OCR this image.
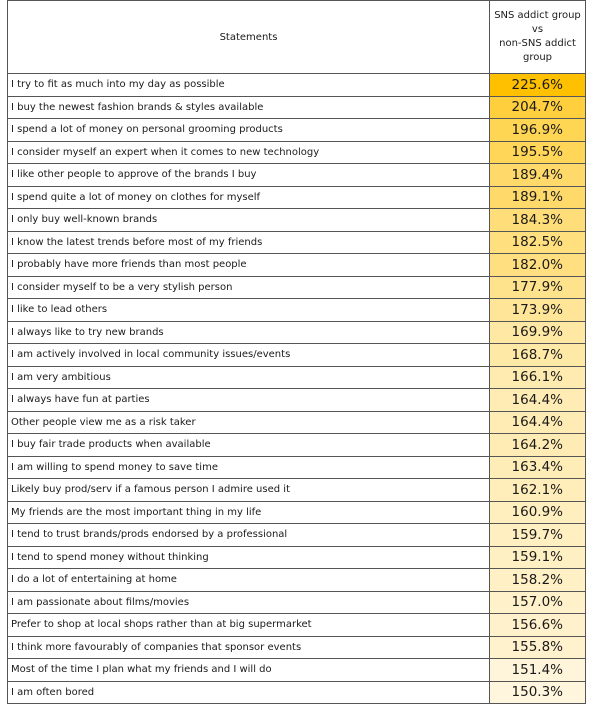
Statements	SNS addict group
vs
non-SNS addict
group

I try to fit as much into my day as possible	225.6%
I buy the newest fashion brands & styles available	204.7%
I spend a lot of money on personal grooming products	196.9%
I consider myself an expert when it comes to new technology	195.5%
I like other people to approve of the brands I buy	189.4%
I spend quite a lot of money on clothes for myself	189.1%
I only buy well-known brands	184.3%
I know the latest trends before most of my friends	182.5%
I probably have more friends than most people	182.0%
I consider myself to be a very stylish person	177.9%
I like to lead others	173.9%
I always like to try new brands	169.9%
I am actively involved in local community issues/events	168.7%
I am very ambitious	166.1%
I always have fun at parties	164.4%
Other people view me as a risk taker	164.4%
I buy fair trade products when available	164.2%
I am willing to spend money to save time	163.4%
Likely buy prod/serv if a famous person I admire used it	162.1%
My friends are the most important thing in my life	160.9%
I tend to trust brands/prods endorsed by a professional	159.7%
I tend to spend money without thinking	159.1%
I do a lot of entertaining at home	158.2%
I am passionate about films/movies	157.0%
Prefer to shop at local shops rather than at big supermarket	156.6%
I think more favourably of companies that sponsor events	155.8%
Most of the time I plan what my friends and I will do	151.4%
I am often bored	150.3%
